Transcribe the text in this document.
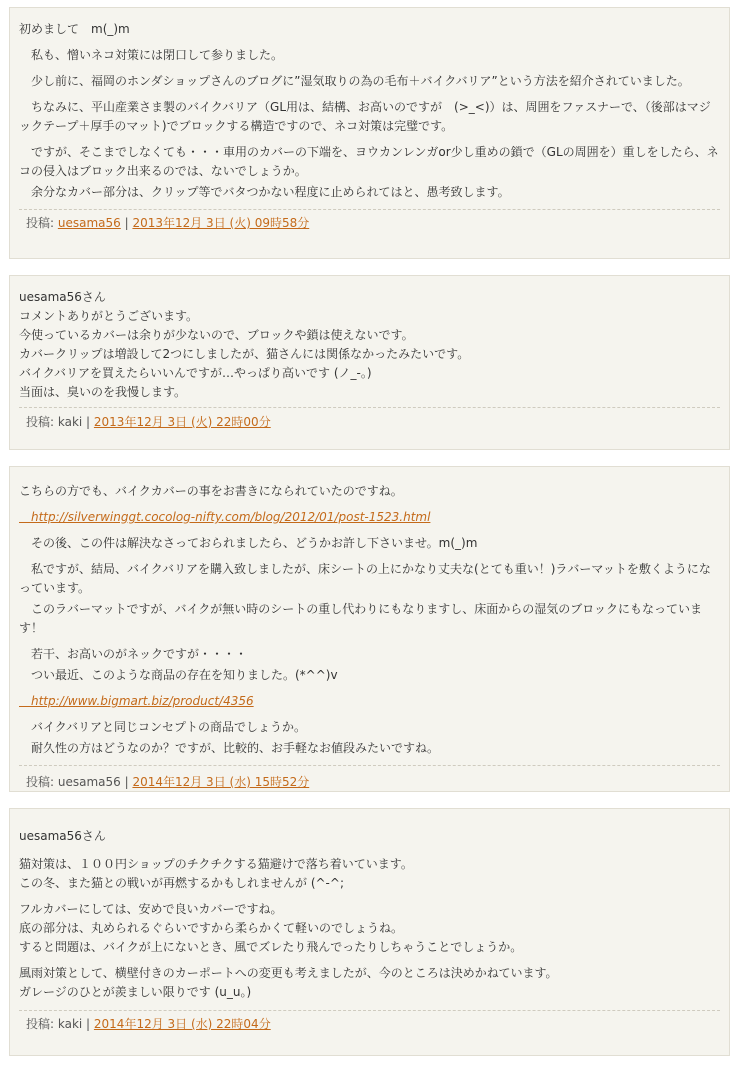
初めまして　m(_)m

　私も、憎いネコ対策には閉口して参りました。

　少し前に、福岡のホンダショップさんのブログに”湿気取りの為の毛布＋バイクバリア”という方法を紹介されていました。

　ちなみに、平山産業さま製のバイクバリア（GL用は、結構、お高いのですが　(>_<)）は、周囲をファスナーで、（後部はマジックテープ＋厚手のマット)でブロックする構造ですので、ネコ対策は完璧です。

　ですが、そこまでしなくても・・・車用のカバーの下端を、ヨウカンレンガor少し重めの鎖で（GLの周囲を）重しをしたら、ネコの侵入はブロック出来るのでは、ないでしょうか。

　余分なカバー部分は、クリップ等でバタつかない程度に止められてはと、愚考致します。

投稿: uesama56 | 2013年12月 3日 (火) 09時58分
uesama56さん
コメントありがとうございます。
今使っているカバーは余りが少ないので、ブロックや鎖は使えないです。
カバークリップは増設して2つにしましたが、猫さんには関係なかったみたいです。
バイクバリアを買えたらいいんですが…やっぱり高いです (ノ_-。)
当面は、臭いのを我慢します。
投稿: kaki | 2013年12月 3日 (火) 22時00分

こちらの方でも、バイクカバーの事をお書きになられていたのですね。

　http://silverwinggt.cocolog-nifty.com/blog/2012/01/post-1523.html

　その後、この件は解決なさっておられましたら、どうかお許し下さいませ。m(_)m

　私ですが、結局、バイクバリアを購入致しましたが、床シートの上にかなり丈夫な(とても重い！)ラバーマットを敷くようになっています。

　このラバーマットですが、バイクが無い時のシートの重し代わりにもなりますし、床面からの湿気のブロックにもなっています！

　若干、お高いのがネックですが・・・・

　つい最近、このような商品の存在を知りました。(*^^)v

　http://www.bigmart.biz/product/4356

　バイクバリアと同じコンセプトの商品でしょうか。

　耐久性の方はどうなのか？ですが、比較的、お手軽なお値段みたいですね。

投稿: uesama56 | 2014年12月 3日 (水) 15時52分

uesama56さん

猫対策は、１００円ショップのチクチクする猫避けで落ち着いています。

この冬、また猫との戦いが再燃するかもしれませんが (^-^;

フルカバーにしては、安めで良いカバーですね。
底の部分は、丸められるぐらいですから柔らかくて軽いのでしょうね。

すると問題は、バイクが上にないとき、風でズレたり飛んでったりしちゃうことでしょうか。

風雨対策として、横壁付きのカーポートへの変更も考えましたが、今のところは決めかねています。
ガレージのひとが羨ましい限りです (u_u。)
投稿: kaki | 2014年12月 3日 (水) 22時04分
